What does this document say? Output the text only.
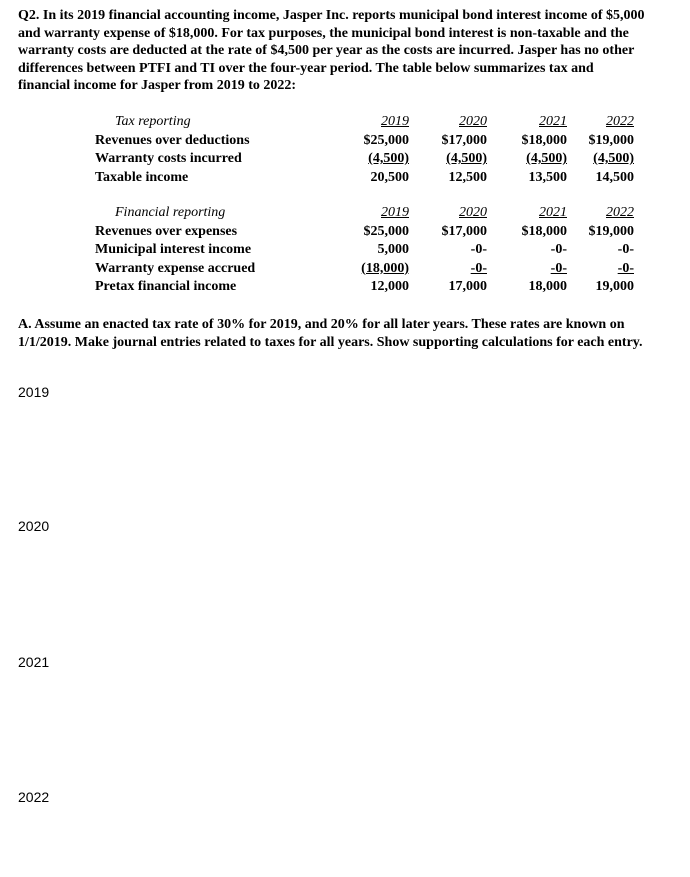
Q2. In its 2019 financial accounting income, Jasper Inc. reports municipal bond interest income of $5,000 and warranty expense of $18,000. For tax purposes, the municipal bond interest is non-taxable and the warranty costs are deducted at the rate of $4,500 per year as the costs are incurred. Jasper has no other differences between PTFI and TI over the four-year period. The table below summarizes tax and financial income for Jasper from 2019 to 2022:

Tax reporting	2019	2020	2021	2022
Revenues over deductions	$25,000	$17,000	$18,000	$19,000
Warranty costs incurred	(4,500)	(4,500)	(4,500)	(4,500)
Taxable income	20,500	12,500	13,500	14,500
Financial reporting	2019	2020	2021	2022
Revenues over expenses	$25,000	$17,000	$18,000	$19,000
Municipal interest income	5,000	-0-	-0-	-0-
Warranty expense accrued	(18,000)	-0-	-0-	-0-
Pretax financial income	12,000	17,000	18,000	19,000

A. Assume an enacted tax rate of 30% for 2019, and 20% for all later years. These rates are known on 1/1/2019. Make journal entries related to taxes for all years. Show supporting calculations for each entry.

2019

2020

2021

2022
